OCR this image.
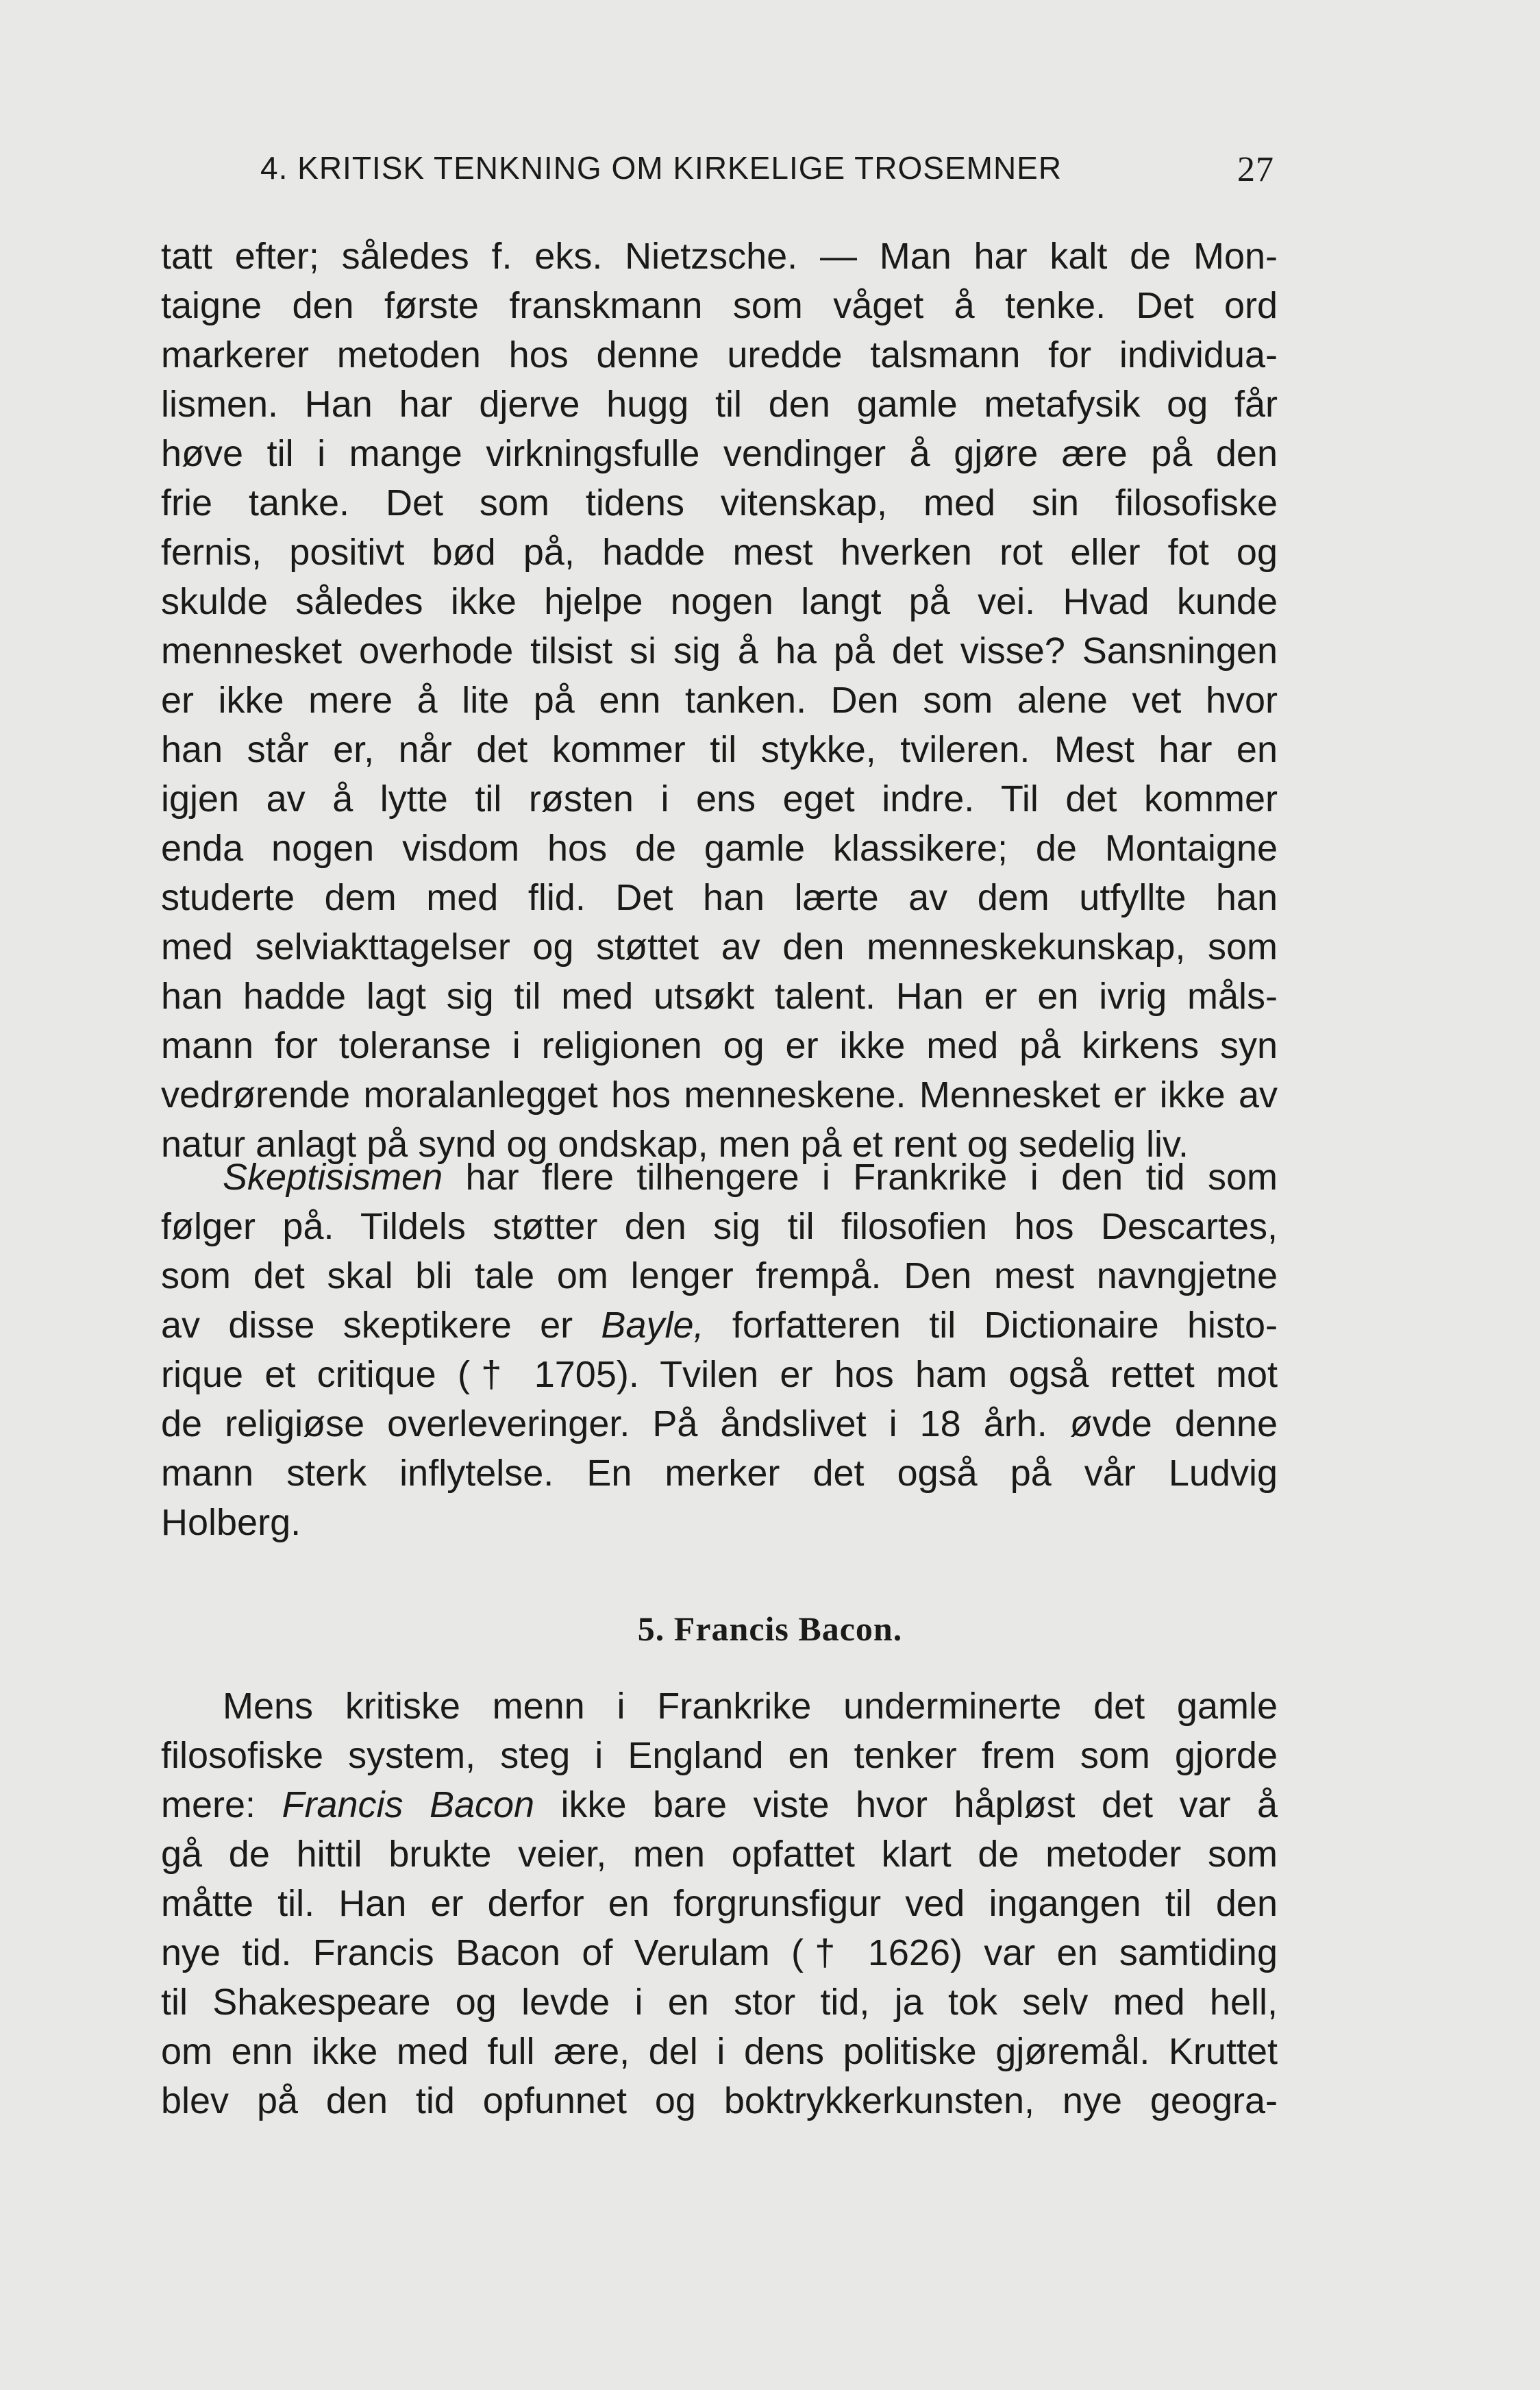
4. KRITISK TENKNING OM KIRKELIGE TROSEMNER	27
tatt efter; således f. eks. Nietzsche. — Man har kalt de Mon-
taigne den første franskmann som våget å tenke. Det ord
markerer metoden hos denne uredde talsmann for individua-
lismen. Han har djerve hugg til den gamle metafysik og får
høve til i mange virkningsfulle vendinger å gjøre ære på den
frie tanke. Det som tidens vitenskap, med sin filosofiske
fernis, positivt bød på, hadde mest hverken rot eller fot og
skulde således ikke hjelpe nogen langt på vei. Hvad kunde
mennesket overhode tilsist si sig å ha på det visse? Sansningen
er ikke mere å lite på enn tanken. Den som alene vet hvor
han står er, når det kommer til stykke, tvileren. Mest har en
igjen av å lytte til røsten i ens eget indre. Til det kommer
enda nogen visdom hos de gamle klassikere; de Montaigne
studerte dem med flid. Det han lærte av dem utfyllte han
med selviakttagelser og støttet av den menneskekunskap, som
han hadde lagt sig til med utsøkt talent. Han er en ivrig måls-
mann for toleranse i religionen og er ikke med på kirkens syn
vedrørende moralanlegget hos menneskene. Mennesket er ikke av
natur anlagt på synd og ondskap, men på et rent og sedelig liv.
Skeptisismen har flere tilhengere i Frankrike i den tid som
følger på. Tildels støtter den sig til filosofien hos Descartes,
som det skal bli tale om lenger frempå. Den mest navngjetne
av disse skeptikere er Bayle, forfatteren til Dictionaire histo-
rique et critique († 1705). Tvilen er hos ham også rettet mot
de religiøse overleveringer. På åndslivet i 18 årh. øvde denne
mann sterk inflytelse. En merker det også på vår Ludvig
Holberg.
5. Francis Bacon.
Mens kritiske menn i Frankrike underminerte det gamle
filosofiske system, steg i England en tenker frem som gjorde
mere: Francis Bacon ikke bare viste hvor håpløst det var å
gå de hittil brukte veier, men opfattet klart de metoder som
måtte til. Han er derfor en forgrunsfigur ved ingangen til den
nye tid. Francis Bacon of Verulam († 1626) var en samtiding
til Shakespeare og levde i en stor tid, ja tok selv med hell,
om enn ikke med full ære, del i dens politiske gjøremål. Kruttet
blev på den tid opfunnet og boktrykkerkunsten, nye geogra-
